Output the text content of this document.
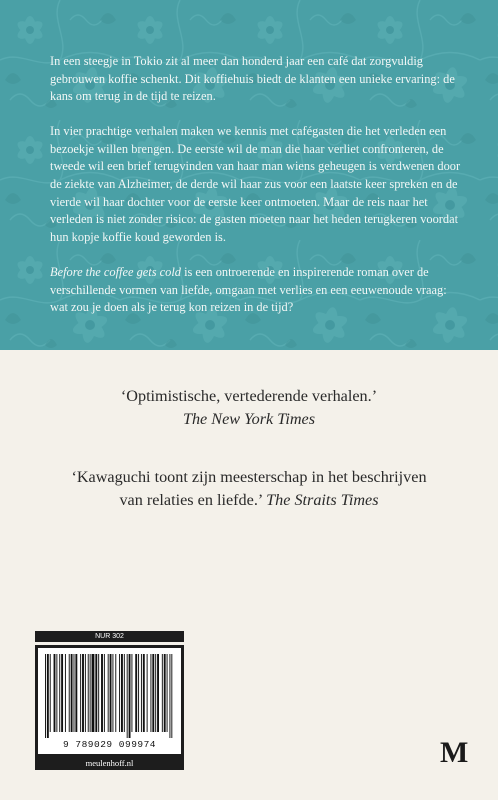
In een steegje in Tokio zit al meer dan honderd jaar een café dat zorgvuldig gebrouwen koffie schenkt. Dit koffiehuis biedt de klanten een unieke ervaring: de kans om terug in de tijd te reizen.

In vier prachtige verhalen maken we kennis met cafégasten die het verleden een bezoekje willen brengen. De eerste wil de man die haar verliet confronteren, de tweede wil een brief terugvinden van haar man wiens geheugen is verdwenen door de ziekte van Alzheimer, de derde wil haar zus voor een laatste keer spreken en de vierde wil haar dochter voor de eerste keer ontmoeten. Maar de reis naar het verleden is niet zonder risico: de gasten moeten naar het heden terugkeren voordat hun kopje koffie koud geworden is.

Before the coffee gets cold is een ontroerende en inspirerende roman over de verschillende vormen van liefde, omgaan met verlies en een eeuwenoude vraag: wat zou je doen als je terug kon reizen in de tijd?

‘Optimistische, vertederende verhalen.’
The New York Times
‘Kawaguchi toont zijn meesterschap in het beschrijven
van relaties en liefde.’ The Straits Times
NUR 302
9 789029 099974
meulenhoff.nl	M
